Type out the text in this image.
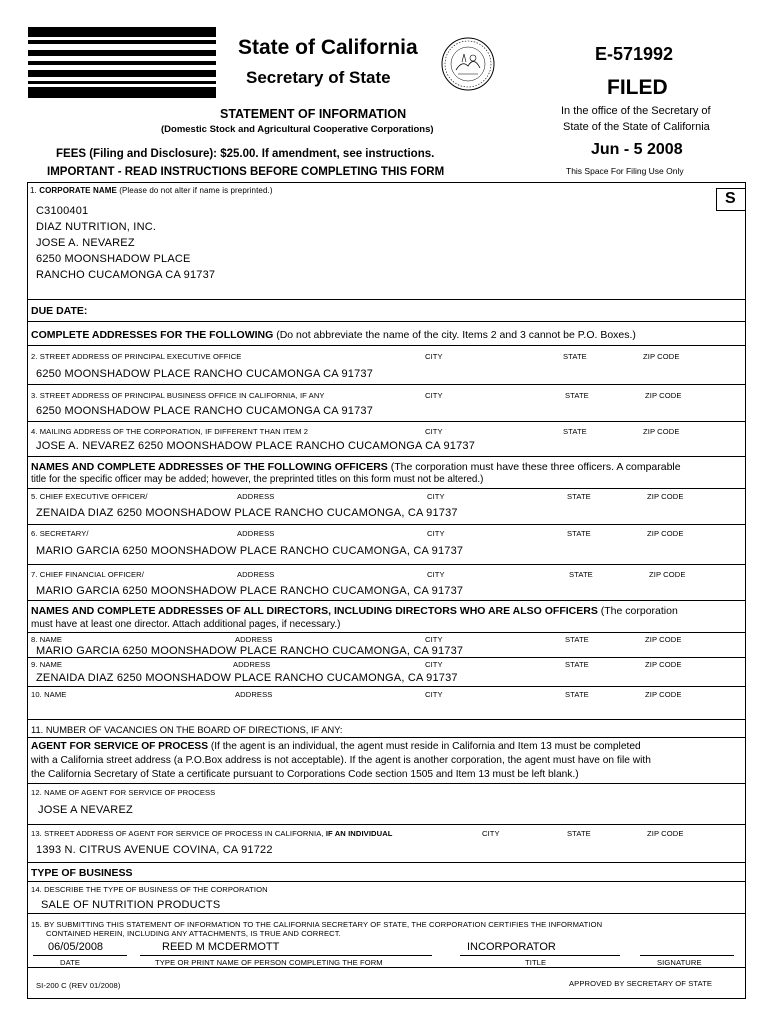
State of California
Secretary of State
E-571992
FILED
In the office of the Secretary of
State of the State of California
Jun - 5 2008
This Space For Filing Use Only
STATEMENT OF INFORMATION
(Domestic Stock and Agricultural Cooperative Corporations)
FEES (Filing and Disclosure): $25.00. If amendment, see instructions.
IMPORTANT - READ INSTRUCTIONS BEFORE COMPLETING THIS FORM
1. CORPORATE NAME (Please do not alter if name is preprinted.)	S
C3100401
DIAZ NUTRITION, INC.
JOSE A. NEVAREZ
6250 MOONSHADOW PLACE
RANCHO CUCAMONGA CA 91737
DUE DATE:
COMPLETE ADDRESSES FOR THE FOLLOWING (Do not abbreviate the name of the city. Items 2 and 3 cannot be P.O. Boxes.)
2. STREET ADDRESS OF PRINCIPAL EXECUTIVE OFFICE	CITY	STATE	ZIP CODE
6250 MOONSHADOW PLACE RANCHO CUCAMONGA CA 91737
3. STREET ADDRESS OF PRINCIPAL BUSINESS OFFICE IN CALIFORNIA, IF ANY	CITY	STATE	ZIP CODE
6250 MOONSHADOW PLACE RANCHO CUCAMONGA CA 91737
4. MAILING ADDRESS OF THE CORPORATION, IF DIFFERENT THAN ITEM 2	CITY	STATE	ZIP CODE
JOSE A. NEVAREZ 6250 MOONSHADOW PLACE RANCHO CUCAMONGA CA 91737
NAMES AND COMPLETE ADDRESSES OF THE FOLLOWING OFFICERS (The corporation must have these three officers. A comparable
title for the specific officer may be added; however, the preprinted titles on this form must not be altered.)
5. CHIEF EXECUTIVE OFFICER/	ADDRESS	CITY	STATE	ZIP CODE
ZENAIDA DIAZ 6250 MOONSHADOW PLACE RANCHO CUCAMONGA, CA 91737
6. SECRETARY/	ADDRESS	CITY	STATE	ZIP CODE
MARIO GARCIA 6250 MOONSHADOW PLACE RANCHO CUCAMONGA, CA 91737
7. CHIEF FINANCIAL OFFICER/	ADDRESS	CITY	STATE	ZIP CODE
MARIO GARCIA 6250 MOONSHADOW PLACE RANCHO CUCAMONGA, CA 91737
NAMES AND COMPLETE ADDRESSES OF ALL DIRECTORS, INCLUDING DIRECTORS WHO ARE ALSO OFFICERS (The corporation
must have at least one director. Attach additional pages, if necessary.)
8. NAME	ADDRESS	CITY	STATE	ZIP CODE
MARIO GARCIA 6250 MOONSHADOW PLACE RANCHO CUCAMONGA, CA 91737
9. NAME	ADDRESS	CITY	STATE	ZIP CODE
ZENAIDA DIAZ 6250 MOONSHADOW PLACE RANCHO CUCAMONGA, CA 91737
10. NAME	ADDRESS	CITY	STATE	ZIP CODE
11. NUMBER OF VACANCIES ON THE BOARD OF DIRECTIONS, IF ANY:
AGENT FOR SERVICE OF PROCESS (If the agent is an individual, the agent must reside in California and Item 13 must be completed
with a California street address (a P.O.Box address is not acceptable). If the agent is another corporation, the agent must have on file with
the California Secretary of State a certificate pursuant to Corporations Code section 1505 and Item 13 must be left blank.)
12. NAME OF AGENT FOR SERVICE OF PROCESS
JOSE A NEVAREZ
13. STREET ADDRESS OF AGENT FOR SERVICE OF PROCESS IN CALIFORNIA, IF AN INDIVIDUAL	CITY	STATE	ZIP CODE
1393 N. CITRUS AVENUE COVINA, CA 91722
TYPE OF BUSINESS
14. DESCRIBE THE TYPE OF BUSINESS OF THE CORPORATION
SALE OF NUTRITION PRODUCTS
15. BY SUBMITTING THIS STATEMENT OF INFORMATION TO THE CALIFORNIA SECRETARY OF STATE, THE CORPORATION CERTIFIES THE INFORMATION
CONTAINED HEREIN, INCLUDING ANY ATTACHMENTS, IS TRUE AND CORRECT.
06/05/2008	REED M MCDERMOTT	INCORPORATOR
DATE	TYPE OR PRINT NAME OF PERSON COMPLETING THE FORM	TITLE	SIGNATURE
SI-200 C (REV 01/2008)	APPROVED BY SECRETARY OF STATE
